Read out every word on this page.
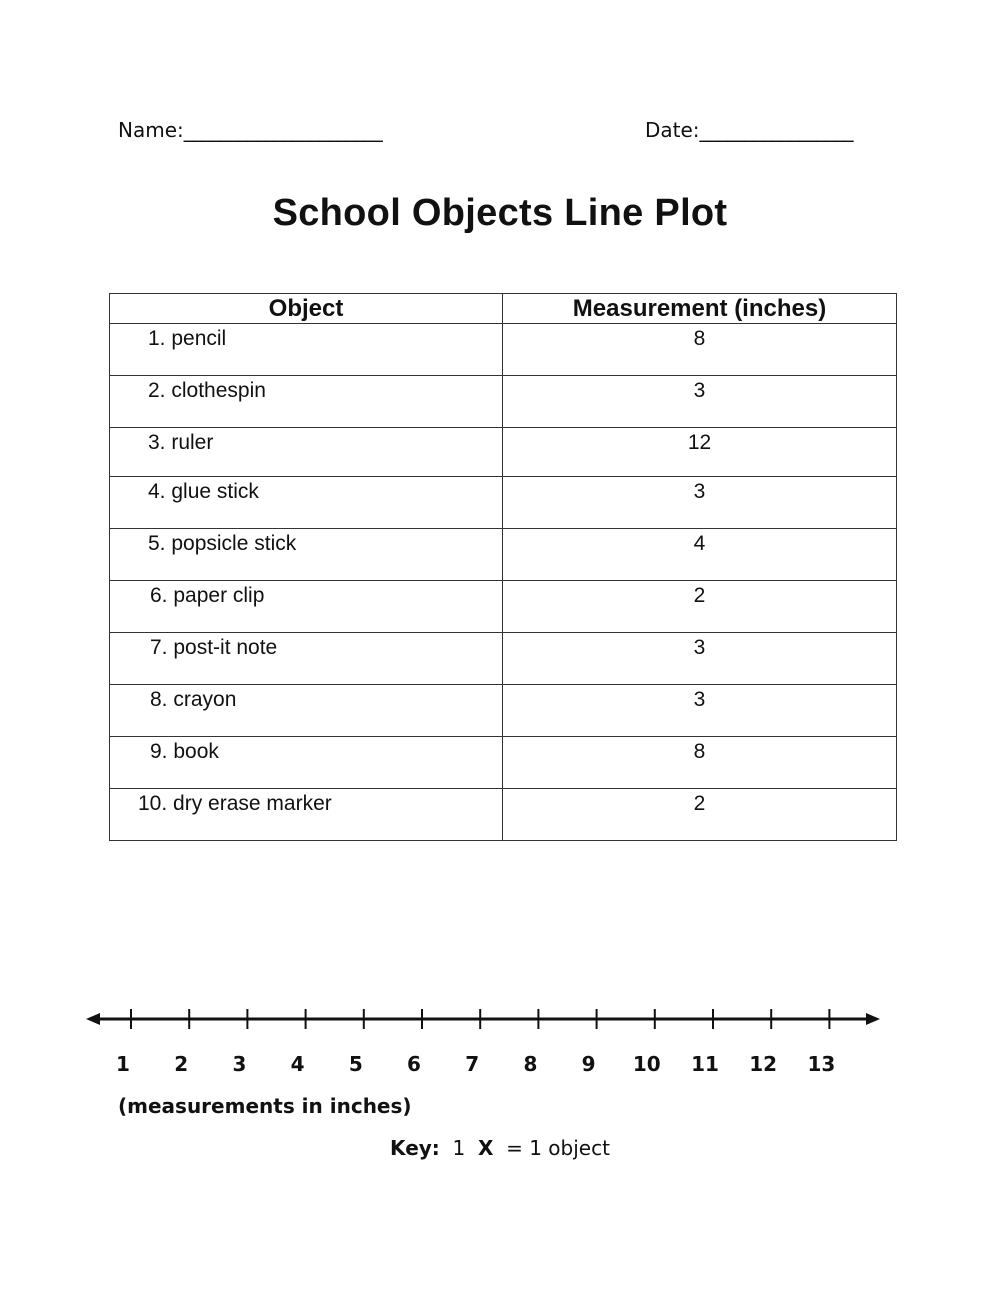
Name:______________________	Date:_________________
School Objects Line Plot
Object	Measurement (inches)
1. pencil	8
2. clothespin	3
3. ruler	12
4. glue stick	3
5. popsicle stick	4
6. paper clip	2
7. post-it note	3
8. crayon	3
9. book	8
10. dry erase marker	2
1 2 3 4 5 6 7 8 9 10 11 12 13
(measurements in inches)
Key: 1 X = 1 object
